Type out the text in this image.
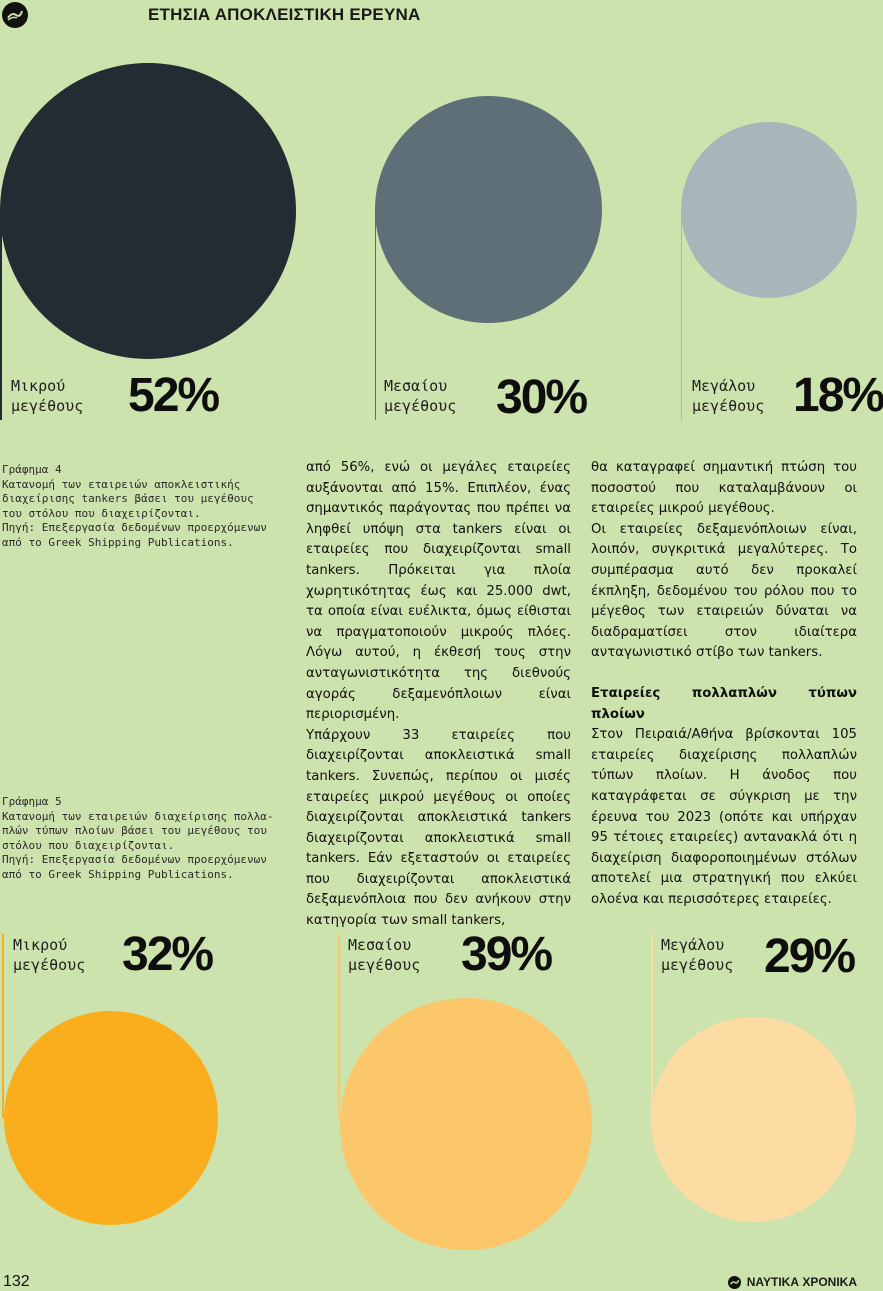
ΕΤΗΣΙΑ ΑΠΟΚΛΕΙΣΤΙΚΗ ΕΡΕΥΝΑ
Μικρού
μεγέθους 52%	Μεσαίου
μεγέθους 30%	Μεγάλου
μεγέθους 18%
Γράφημα 4
Κατανομή των εταιρειών αποκλειστικής
διαχείρισης tankers βάσει του μεγέθους
του στόλου που διαχειρίζονται.
Πηγή: Επεξεργασία δεδομένων προερχόμενων
από το Greek Shipping Publications.
Γράφημα 5
Κατανομή των εταιρειών διαχείρισης πολλα-
πλών τύπων πλοίων βάσει του μεγέθους του
στόλου που διαχειρίζονται.
Πηγή: Επεξεργασία δεδομένων προερχόμενων
από το Greek Shipping Publications.

από 56%, ενώ οι μεγάλες εταιρείες αυξάνονται από 15%. Επιπλέον, ένας σημαντικός παράγοντας που πρέπει να ληφθεί υπόψη στα tankers είναι οι εταιρείες που διαχειρίζονται small tankers. Πρόκειται για πλοία χωρητικότητας έως και 25.000 dwt, τα οποία είναι ευέλικτα, όμως είθισται να πραγματοποιούν μικρούς πλόες. Λόγω αυτού, η έκθεσή τους στην ανταγωνιστικότητα της διεθνούς αγοράς δεξαμενόπλοιων είναι περιορισμένη.

Υπάρχουν 33 εταιρείες που διαχειρίζονται αποκλειστικά small tankers. Συνεπώς, περίπου οι μισές εταιρείες μικρού μεγέθους οι οποίες διαχειρίζονται αποκλειστικά tankers διαχειρίζονται αποκλειστικά small tankers. Εάν εξεταστούν οι εταιρείες που διαχειρίζονται αποκλειστικά δεξαμενόπλοια που δεν ανήκουν στην κατηγορία των small tankers,

θα καταγραφεί σημαντική πτώση του ποσοστού που καταλαμβάνουν οι εταιρείες μικρού μεγέθους.

Οι εταιρείες δεξαμενόπλοιων είναι, λοιπόν, συγκριτικά μεγαλύτερες. Το συμπέρασμα αυτό δεν προκαλεί έκπληξη, δεδομένου του ρόλου που το μέγεθος των εταιρειών δύναται να διαδραματίσει στον ιδιαίτερα ανταγωνιστικό στίβο των tankers.

Εταιρείες πολλαπλών τύπων πλοίων

Στον Πειραιά/Αθήνα βρίσκονται 105 εταιρείες διαχείρισης πολλαπλών τύπων πλοίων. Η άνοδος που καταγράφεται σε σύγκριση με την έρευνα του 2023 (οπότε και υπήρχαν 95 τέτοιες εταιρείες) αντανακλά ότι η διαχείριση διαφοροποιημένων στόλων αποτελεί μια στρατηγική που ελκύει ολοένα και περισσότερες εταιρείες.

Μικρού
μεγέθους 32%	Μεσαίου
μεγέθους 39%	Μεγάλου
μεγέθους 29%
132	ΝΑΥΤΙΚΑ ΧΡΟΝΙΚΑ
